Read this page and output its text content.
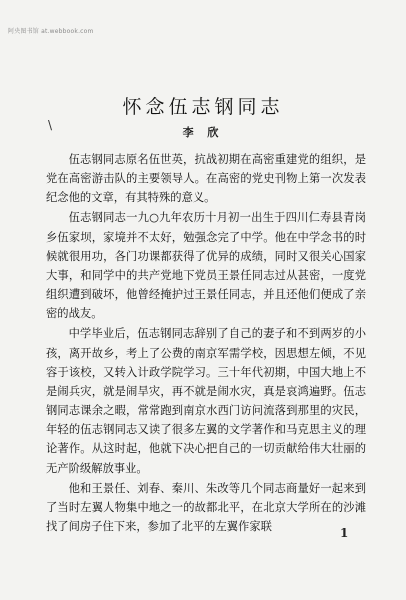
阿央图书馆 at.webbook.com
怀念伍志钢同志
\
李 欣

伍志钢同志原名伍世英，抗战初期在高密重建党的组织，是党在高密游击队的主要领导人。在高密的党史刊物上第一次发表纪念他的文章，有其特殊的意义。

伍志钢同志一九○九年农历十月初一出生于四川仁寿县青岗乡伍家坝，家境并不太好，勉强念完了中学。他在中学念书的时候就很用功，各门功课都获得了优异的成绩，同时又很关心国家大事，和同学中的共产党地下党员王景任同志过从甚密，一度党组织遭到破坏，他曾经掩护过王景任同志，并且还他们便成了亲密的战友。

中学毕业后，伍志钢同志辞别了自己的妻子和不到两岁的小孩，离开故乡，考上了公费的南京军需学校，因思想左倾，不见容于该校，又转入计政学院学习。三十年代初期，中国大地上不是闹兵灾，就是闹旱灾，再不就是闹水灾，真是哀鸿遍野。伍志钢同志课余之暇，常常跑到南京水西门访问流落到那里的灾民，年轻的伍志钢同志又读了很多左翼的文学著作和马克思主义的理论著作。从这时起，他就下决心把自己的一切贡献给伟大壮丽的无产阶级解放事业。

他和王景任、刘春、秦川、朱改等几个同志商量好一起来到了当时左翼人物集中地之一的故都北平，在北京大学所在的沙滩找了间房子住下来，参加了北平的左翼作家联	1
